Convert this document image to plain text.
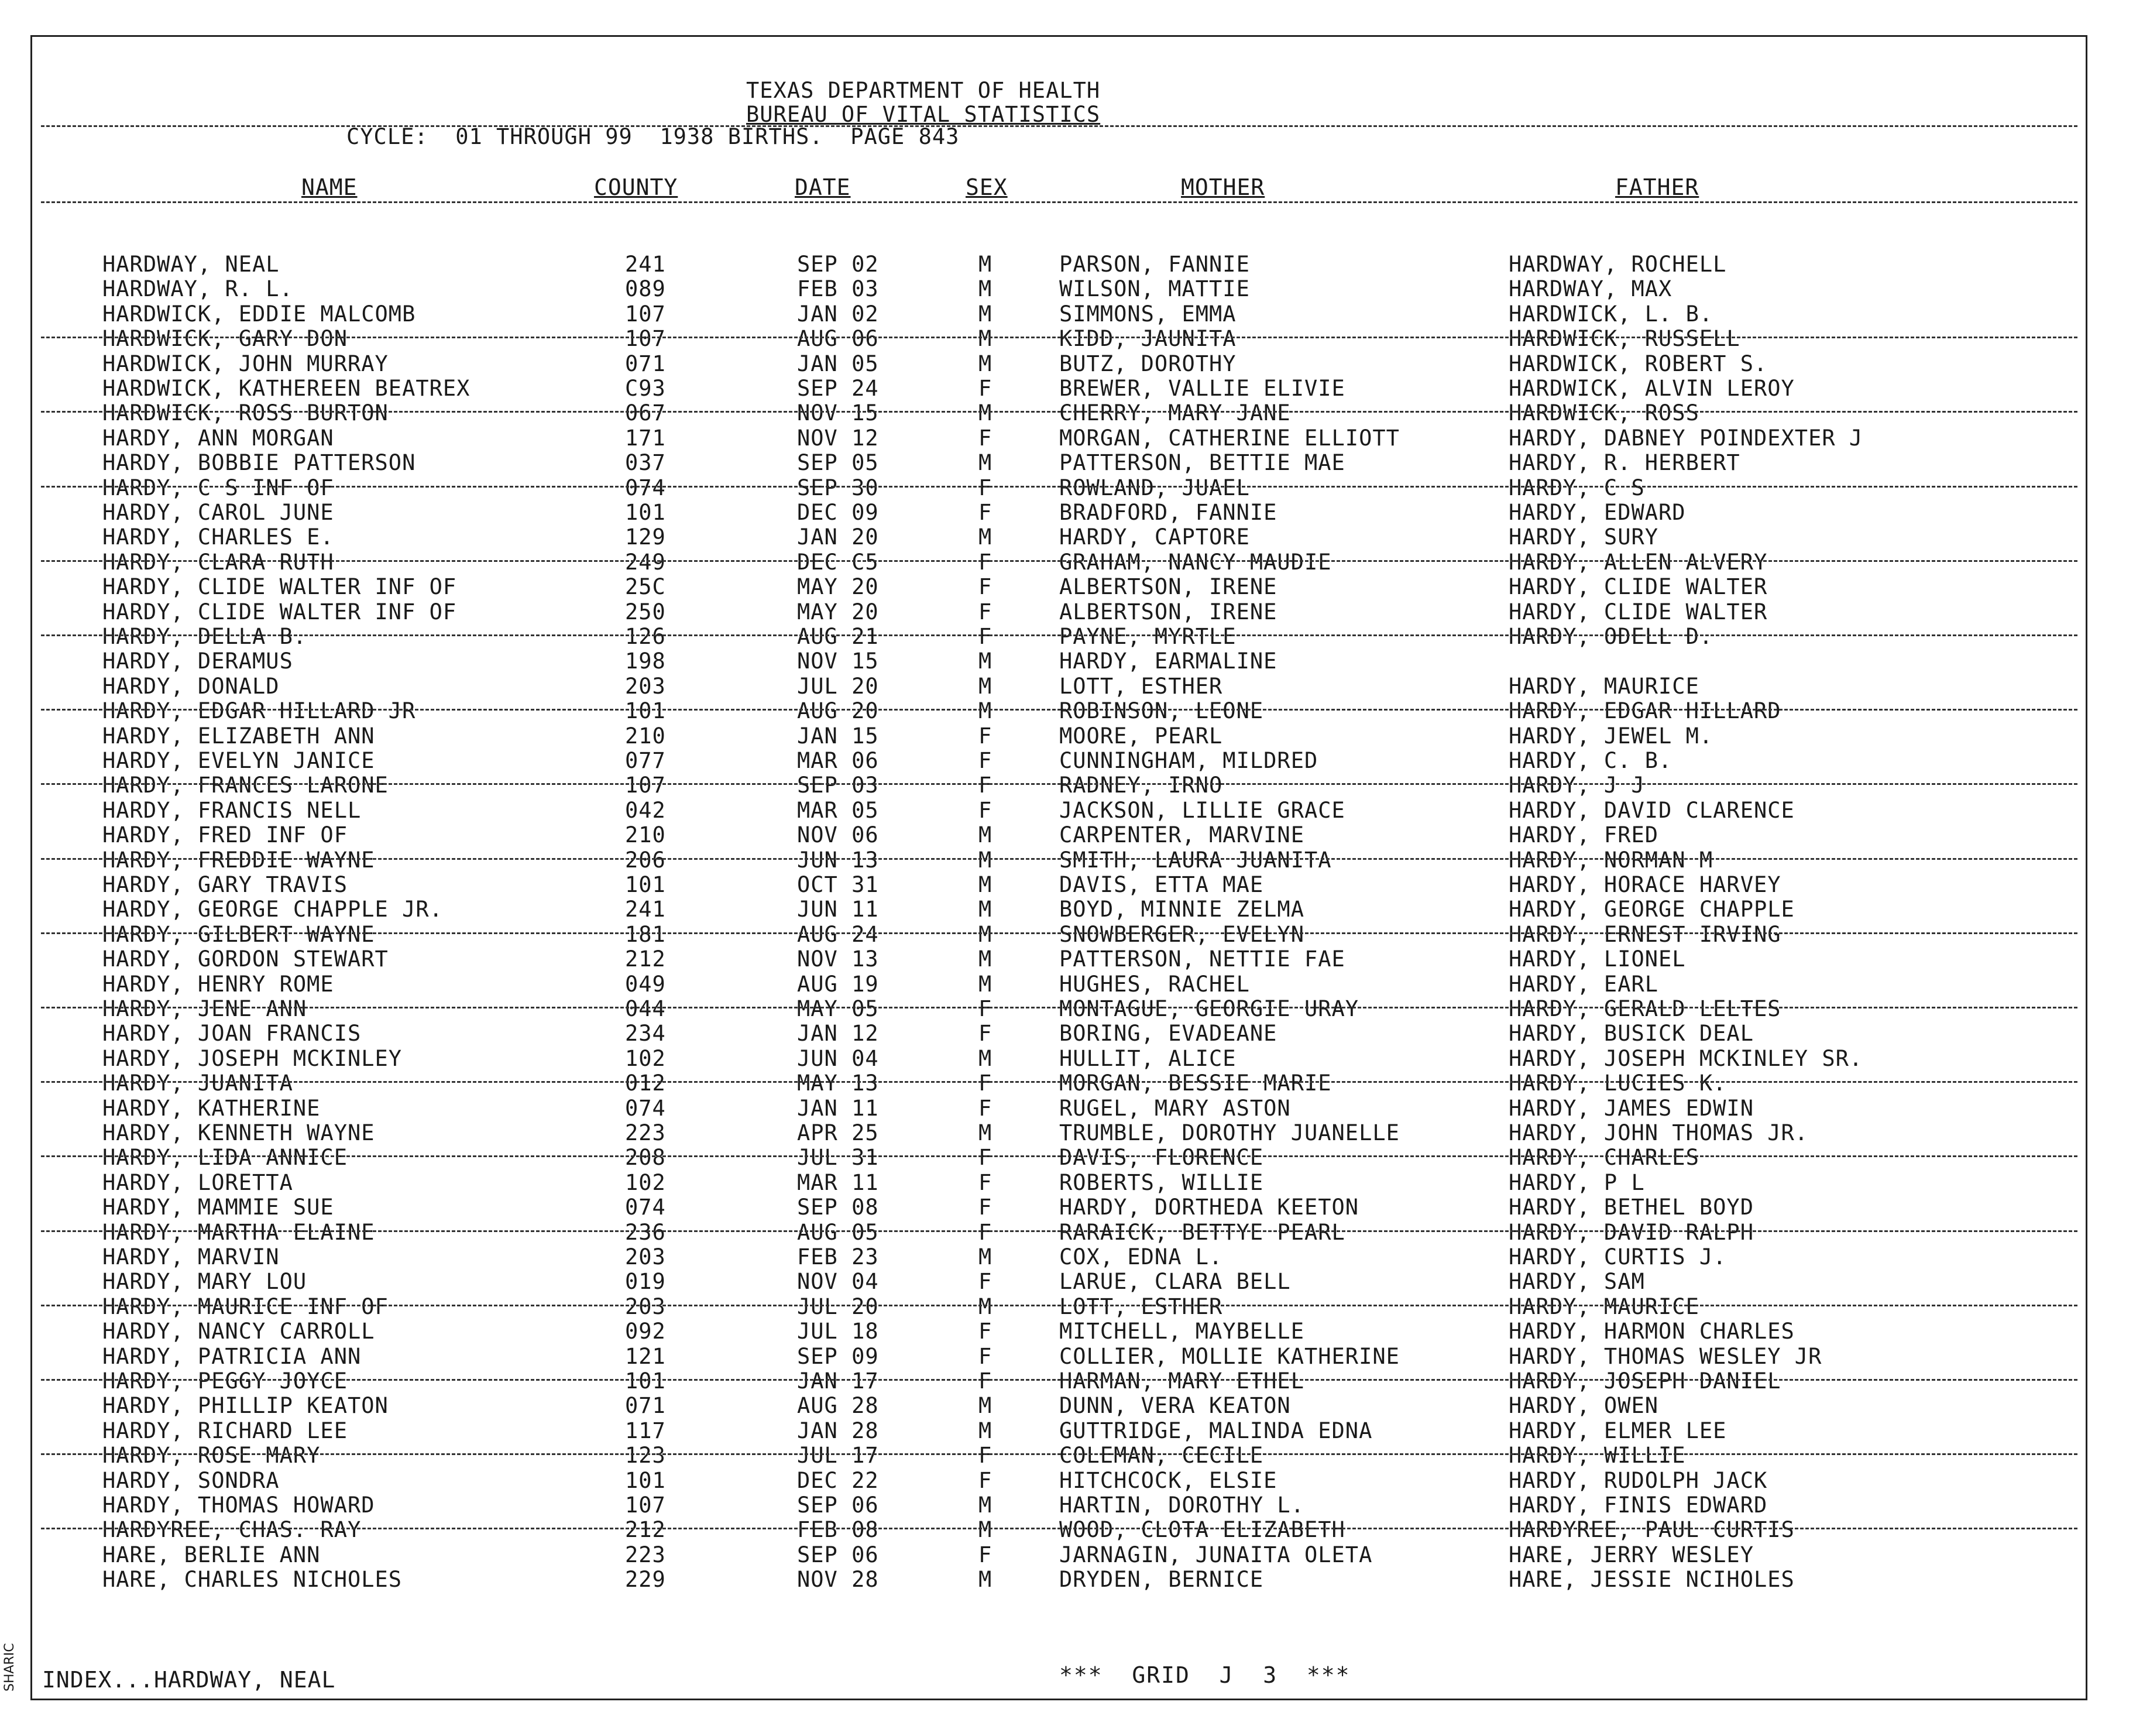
TEXAS DEPARTMENT OF HEALTH
BUREAU OF VITAL STATISTICS
CYCLE:  01 THROUGH 99  1938 BIRTHS.  PAGE 843
NAME	COUNTY	DATE	SEX	MOTHER	FATHER
HARDWAY, NEAL	241	SEP 02	M	PARSON, FANNIE	HARDWAY, ROCHELL
HARDWAY, R. L.	089	FEB 03	M	WILSON, MATTIE	HARDWAY, MAX
HARDWICK, EDDIE MALCOMB	107	JAN 02	M	SIMMONS, EMMA	HARDWICK, L. B.
HARDWICK, GARY DON	107	AUG 06	M	KIDD, JAUNITA	HARDWICK, RUSSELL
HARDWICK, JOHN MURRAY	071	JAN 05	M	BUTZ, DOROTHY	HARDWICK, ROBERT S.
HARDWICK, KATHEREEN BEATREX	C93	SEP 24	F	BREWER, VALLIE ELIVIE	HARDWICK, ALVIN LEROY
HARDWICK, ROSS BURTON	067	NOV 15	M	CHERRY, MARY JANE	HARDWICK, ROSS
HARDY, ANN MORGAN	171	NOV 12	F	MORGAN, CATHERINE ELLIOTT	HARDY, DABNEY POINDEXTER J
HARDY, BOBBIE PATTERSON	037	SEP 05	M	PATTERSON, BETTIE MAE	HARDY, R. HERBERT
HARDY, C S INF OF	074	SEP 30	F	ROWLAND, JUAEL	HARDY, C S
HARDY, CAROL JUNE	101	DEC 09	F	BRADFORD, FANNIE	HARDY, EDWARD
HARDY, CHARLES E.	129	JAN 20	M	HARDY, CAPTORE	HARDY, SURY
HARDY, CLARA RUTH	249	DEC C5	F	GRAHAM, NANCY MAUDIE	HARDY, ALLEN ALVERY
HARDY, CLIDE WALTER INF OF	25C	MAY 20	F	ALBERTSON, IRENE	HARDY, CLIDE WALTER
HARDY, CLIDE WALTER INF OF	250	MAY 20	F	ALBERTSON, IRENE	HARDY, CLIDE WALTER
HARDY, DELLA B.	126	AUG 21	F	PAYNE, MYRTLE	HARDY, ODELL D.
HARDY, DERAMUS	198	NOV 15	M	HARDY, EARMALINE
HARDY, DONALD	203	JUL 20	M	LOTT, ESTHER	HARDY, MAURICE
HARDY, EDGAR HILLARD JR	101	AUG 20	M	ROBINSON, LEONE	HARDY, EDGAR HILLARD
HARDY, ELIZABETH ANN	210	JAN 15	F	MOORE, PEARL	HARDY, JEWEL M.
HARDY, EVELYN JANICE	077	MAR 06	F	CUNNINGHAM, MILDRED	HARDY, C. B.
HARDY, FRANCES LARONE	107	SEP 03	F	RADNEY, IRNO	HARDY, J J
HARDY, FRANCIS NELL	042	MAR 05	F	JACKSON, LILLIE GRACE	HARDY, DAVID CLARENCE
HARDY, FRED INF OF	210	NOV 06	M	CARPENTER, MARVINE	HARDY, FRED
HARDY, FREDDIE WAYNE	206	JUN 13	M	SMITH, LAURA JUANITA	HARDY, NORMAN M
HARDY, GARY TRAVIS	101	OCT 31	M	DAVIS, ETTA MAE	HARDY, HORACE HARVEY
HARDY, GEORGE CHAPPLE JR.	241	JUN 11	M	BOYD, MINNIE ZELMA	HARDY, GEORGE CHAPPLE
HARDY, GILBERT WAYNE	181	AUG 24	M	SNOWBERGER, EVELYN	HARDY, ERNEST IRVING
HARDY, GORDON STEWART	212	NOV 13	M	PATTERSON, NETTIE FAE	HARDY, LIONEL
HARDY, HENRY ROME	049	AUG 19	M	HUGHES, RACHEL	HARDY, EARL
HARDY, JENE ANN	044	MAY 05	F	MONTAGUE, GEORGIE URAY	HARDY, GERALD LELTES
HARDY, JOAN FRANCIS	234	JAN 12	F	BORING, EVADEANE	HARDY, BUSICK DEAL
HARDY, JOSEPH MCKINLEY	102	JUN 04	M	HULLIT, ALICE	HARDY, JOSEPH MCKINLEY SR.
HARDY, JUANITA	012	MAY 13	F	MORGAN, BESSIE MARIE	HARDY, LUCIES K.
HARDY, KATHERINE	074	JAN 11	F	RUGEL, MARY ASTON	HARDY, JAMES EDWIN
HARDY, KENNETH WAYNE	223	APR 25	M	TRUMBLE, DOROTHY JUANELLE	HARDY, JOHN THOMAS JR.
HARDY, LIDA ANNICE	208	JUL 31	F	DAVIS, FLORENCE	HARDY, CHARLES
HARDY, LORETTA	102	MAR 11	F	ROBERTS, WILLIE	HARDY, P L
HARDY, MAMMIE SUE	074	SEP 08	F	HARDY, DORTHEDA KEETON	HARDY, BETHEL BOYD
HARDY, MARTHA ELAINE	236	AUG 05	F	RARAICK, BETTYE PEARL	HARDY, DAVID RALPH
HARDY, MARVIN	203	FEB 23	M	COX, EDNA L.	HARDY, CURTIS J.
HARDY, MARY LOU	019	NOV 04	F	LARUE, CLARA BELL	HARDY, SAM
HARDY, MAURICE INF OF	203	JUL 20	M	LOTT, ESTHER	HARDY, MAURICE
HARDY, NANCY CARROLL	092	JUL 18	F	MITCHELL, MAYBELLE	HARDY, HARMON CHARLES
HARDY, PATRICIA ANN	121	SEP 09	F	COLLIER, MOLLIE KATHERINE	HARDY, THOMAS WESLEY JR
HARDY, PEGGY JOYCE	101	JAN 17	F	HARMAN, MARY ETHEL	HARDY, JOSEPH DANIEL
HARDY, PHILLIP KEATON	071	AUG 28	M	DUNN, VERA KEATON	HARDY, OWEN
HARDY, RICHARD LEE	117	JAN 28	M	GUTTRIDGE, MALINDA EDNA	HARDY, ELMER LEE
HARDY, ROSE MARY	123	JUL 17	F	COLEMAN, CECILE	HARDY, WILLIE
HARDY, SONDRA	101	DEC 22	F	HITCHCOCK, ELSIE	HARDY, RUDOLPH JACK
HARDY, THOMAS HOWARD	107	SEP 06	M	HARTIN, DOROTHY L.	HARDY, FINIS EDWARD
HARDYREE, CHAS. RAY	212	FEB 08	M	WOOD, CLOTA ELIZABETH	HARDYREE, PAUL CURTIS
HARE, BERLIE ANN	223	SEP 06	F	JARNAGIN, JUNAITA OLETA	HARE, JERRY WESLEY
HARE, CHARLES NICHOLES	229	NOV 28	M	DRYDEN, BERNICE	HARE, JESSIE NCIHOLES
INDEX...HARDWAY, NEAL	***  GRID  J  3  ***
SHARIC
